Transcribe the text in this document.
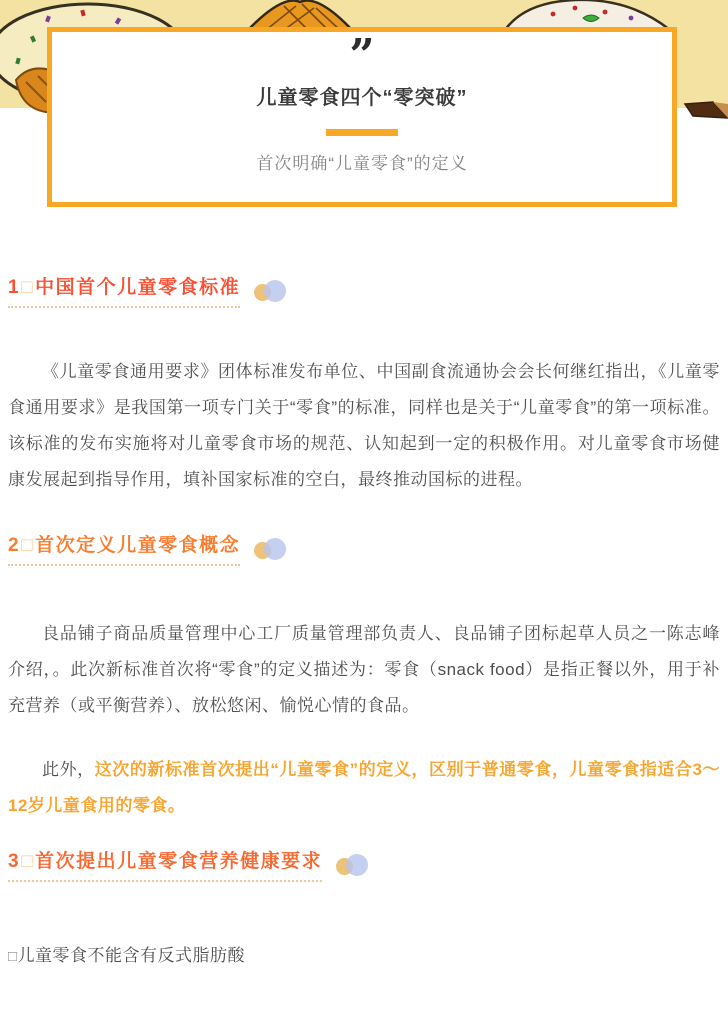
”
儿童零食四个“零突破”
首次明确“儿童零食”的定义
1□中国首个儿童零食标准

《儿童零食通用要求》团体标准发布单位、中国副食流通协会会长何继红指出，《儿童零食通用要求》是我国第一项专门关于“零食”的标准，同样也是关于“儿童零食”的第一项标准。该标准的发布实施将对儿童零食市场的规范、认知起到一定的积极作用。对儿童零食市场健康发展起到指导作用，填补国家标准的空白，最终推动国标的进程。

2□首次定义儿童零食概念

良品铺子商品质量管理中心工厂质量管理部负责人、良品铺子团标起草人员之一陈志峰介绍，。此次新标准首次将“零食”的定义描述为：零食（snack food）是指正餐以外，用于补充营养（或平衡营养）、放松悠闲、愉悦心情的食品。

此外，这次的新标准首次提出“儿童零食”的定义，区别于普通零食，儿童零食指适合3～12岁儿童食用的零食。

3□首次提出儿童零食营养健康要求

□儿童零食不能含有反式脂肪酸
